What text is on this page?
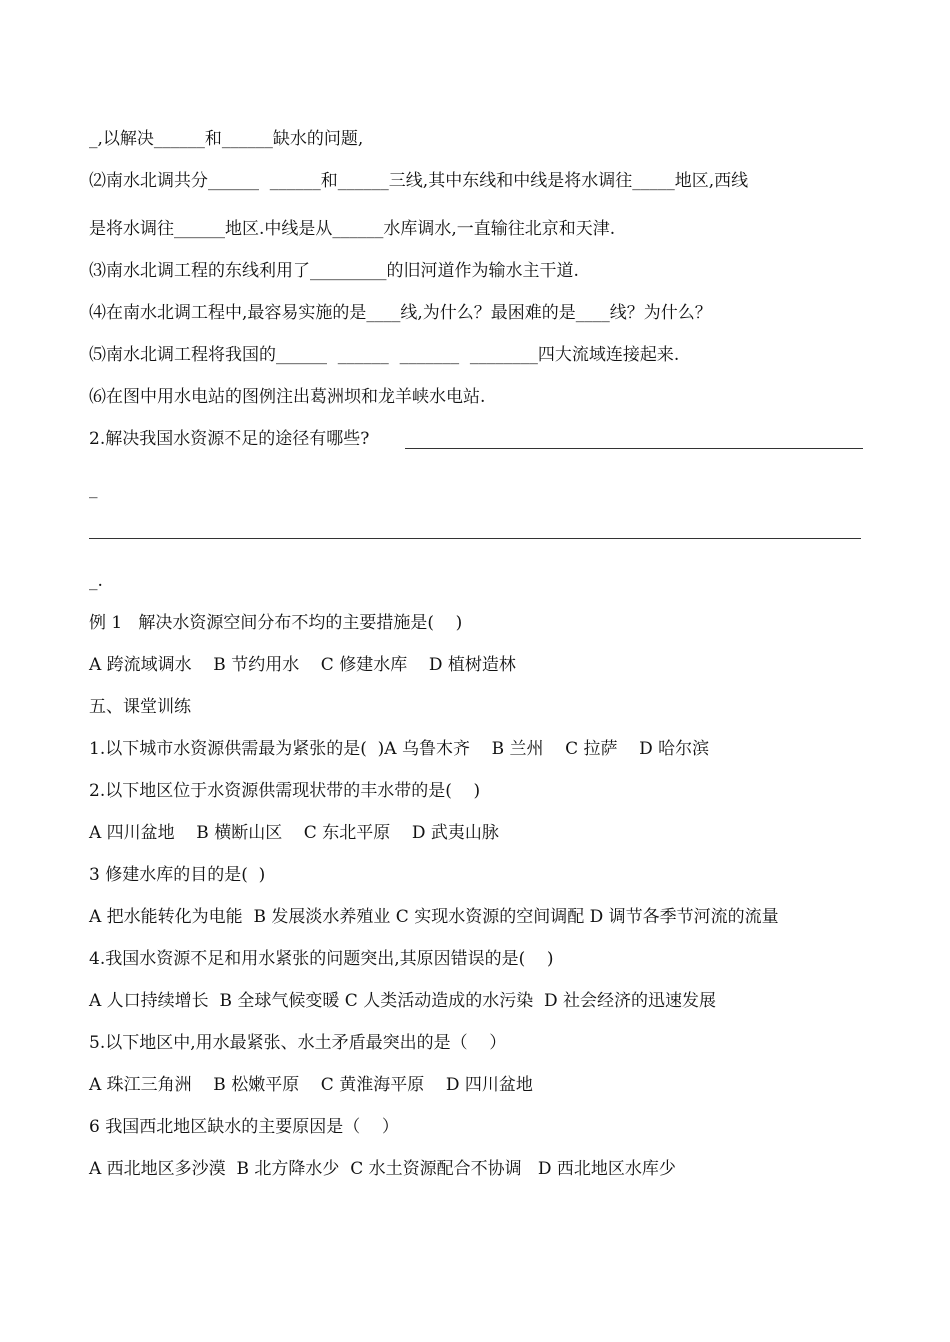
_,以解决______和______缺水的问题,
⑵南水北调共分______  ______和______三线,其中东线和中线是将水调往_____地区,西线
是将水调往______地区.中线是从______水库调水,一直输往北京和天津.
⑶南水北调工程的东线利用了_________的旧河道作为输水主干道.
⑷在南水北调工程中,最容易实施的是____线,为什么？最困难的是____线？为什么？
⑸南水北调工程将我国的______  ______  _______  ________四大流域连接起来.
⑹在图中用水电站的图例注出葛洲坝和龙羊峡水电站.
2.解决我国水资源不足的途径有哪些?
_
_.
例 1   解决水资源空间分布不均的主要措施是(    )
A 跨流域调水    B 节约用水    C 修建水库    D 植树造林
五、课堂训练
1.以下城市水资源供需最为紧张的是(  )A 乌鲁木齐    B 兰州    C 拉萨    D 哈尔滨
2.以下地区位于水资源供需现状带的丰水带的是(    )
A 四川盆地    B 横断山区    C 东北平原    D 武夷山脉
3 修建水库的目的是(  )
A 把水能转化为电能  B 发展淡水养殖业 C 实现水资源的空间调配 D 调节各季节河流的流量
4.我国水资源不足和用水紧张的问题突出,其原因错误的是(    )
A 人口持续增长  B 全球气候变暖 C 人类活动造成的水污染  D 社会经济的迅速发展
5.以下地区中,用水最紧张、水土矛盾最突出的是（    ）
A 珠江三角洲    B 松嫩平原    C 黄淮海平原    D 四川盆地
6 我国西北地区缺水的主要原因是（    ）
A 西北地区多沙漠  B 北方降水少  C 水土资源配合不协调   D 西北地区水库少
